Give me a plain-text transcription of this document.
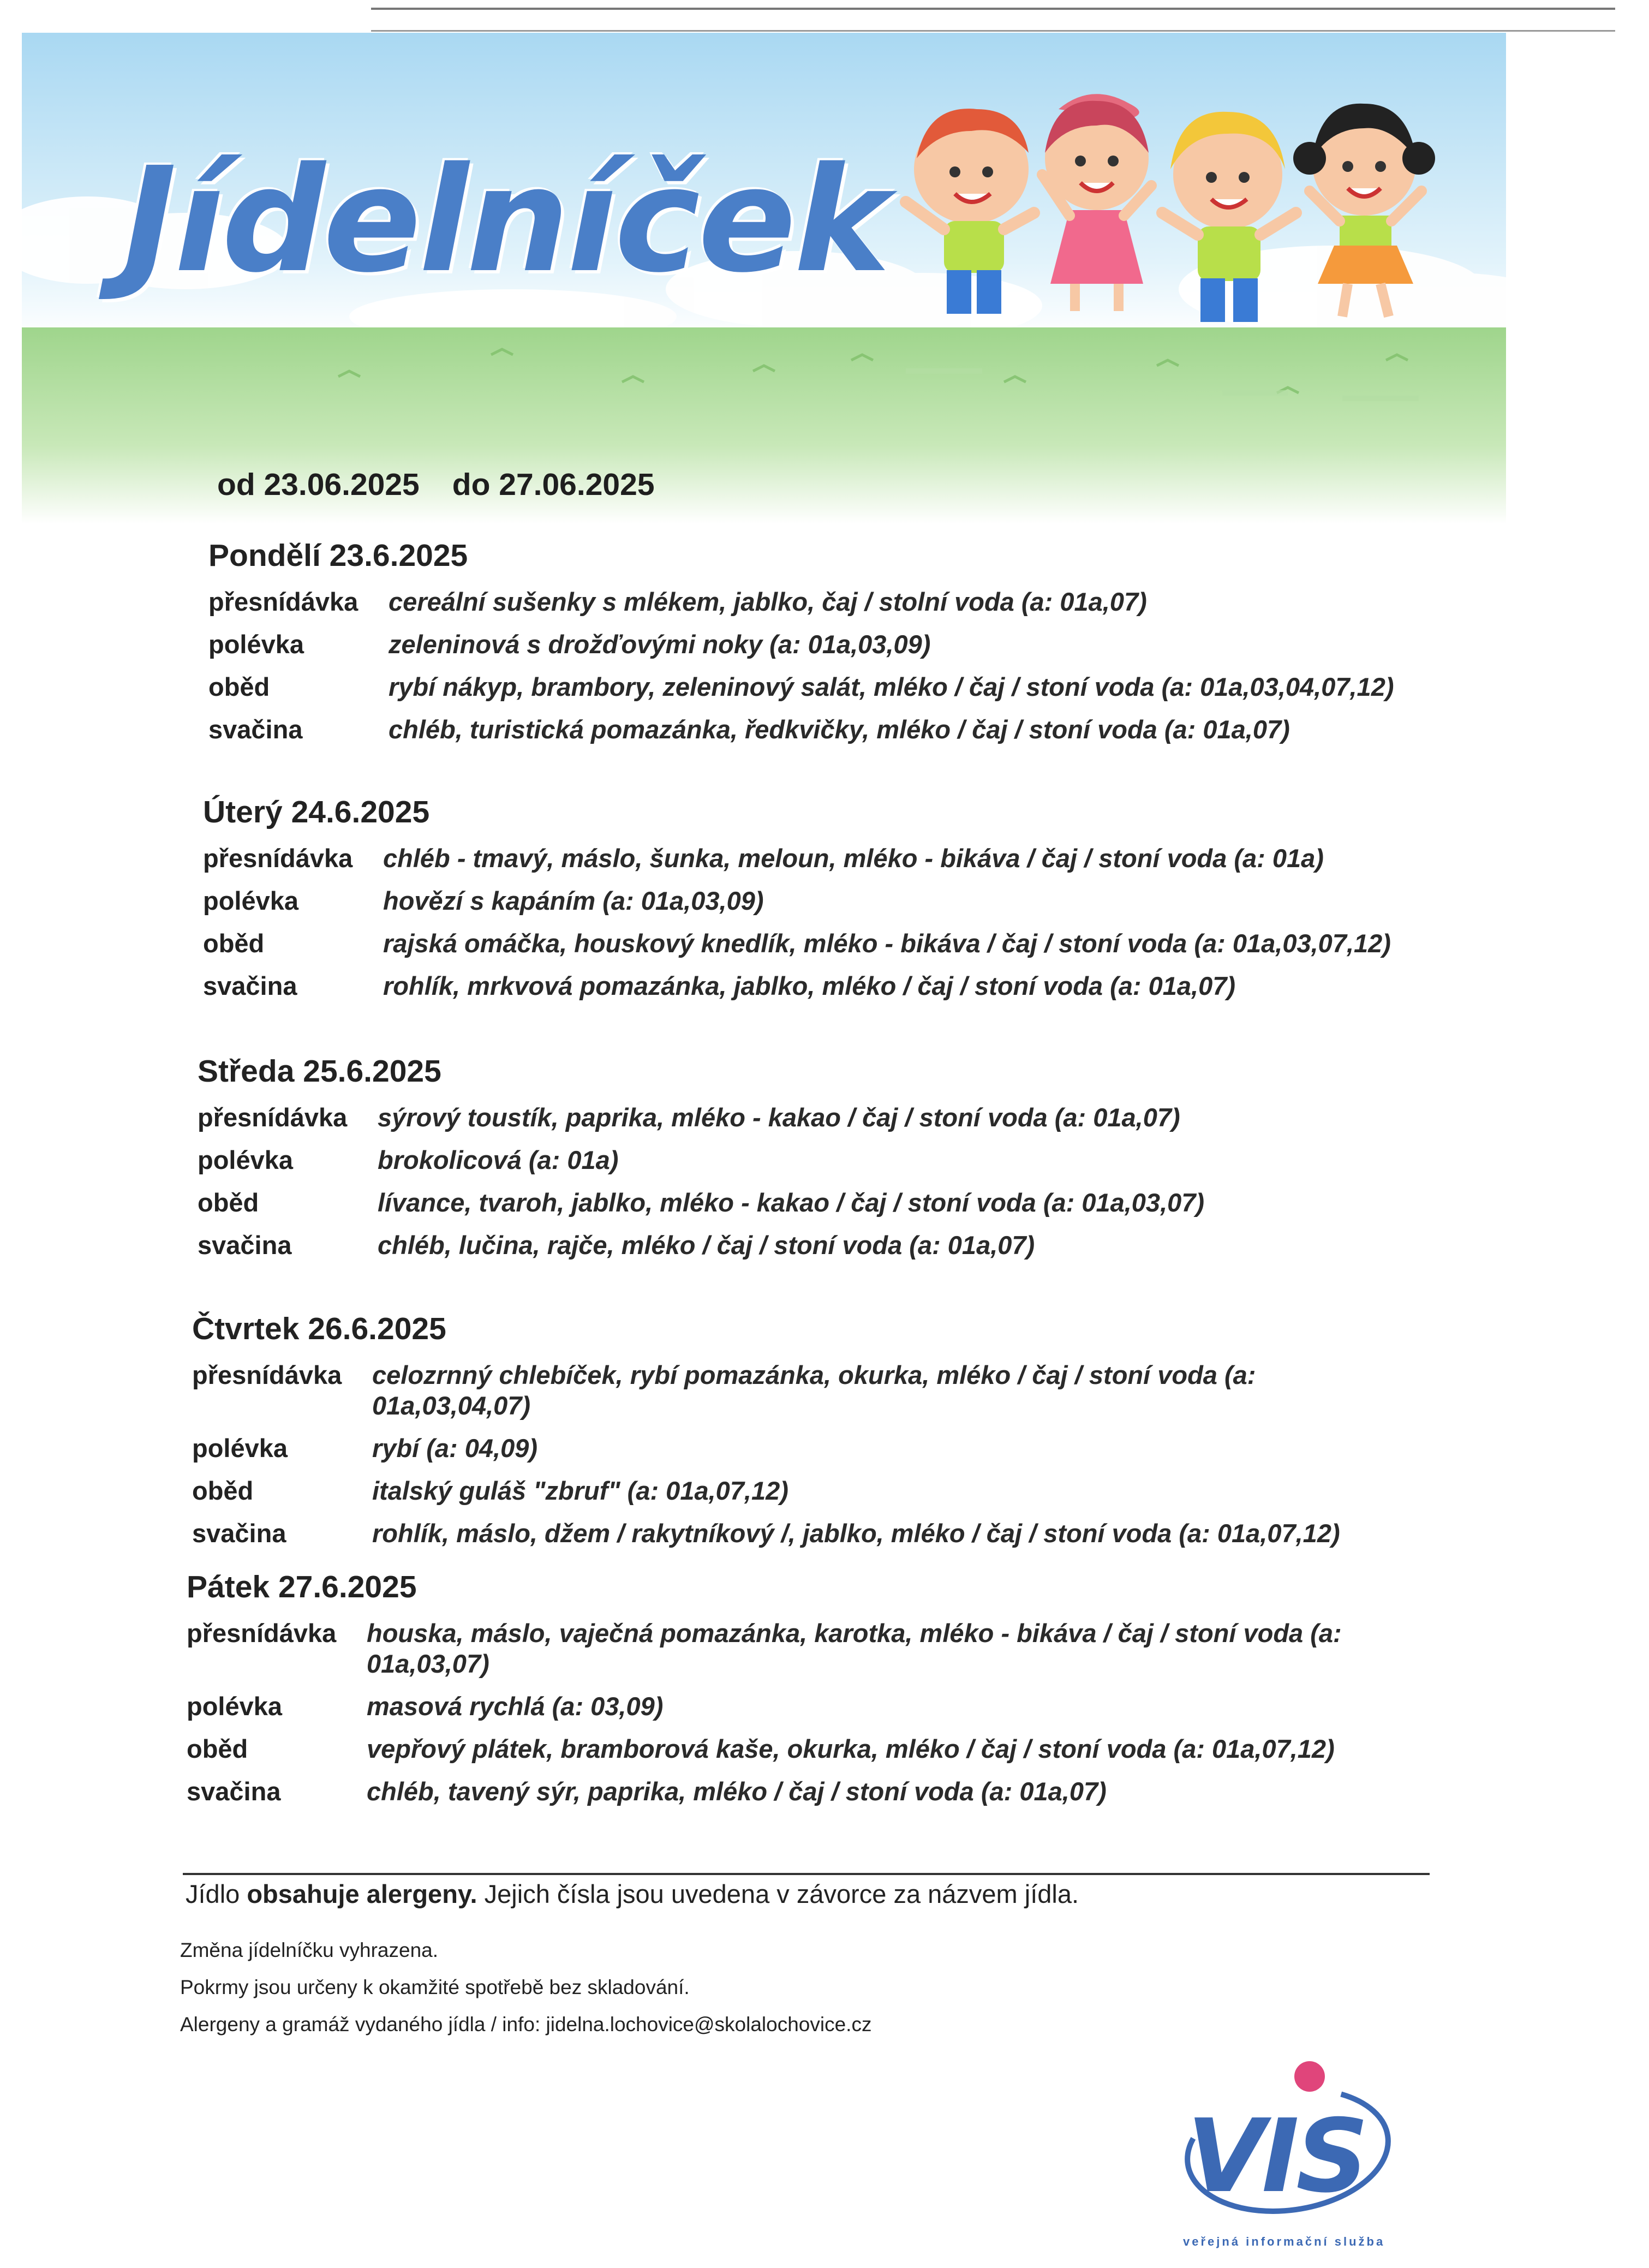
Jídelníček
od 23.06.2025 do 27.06.2025
Pondělí 23.6.2025
přesnídávka	cereální sušenky s mlékem, jablko, čaj / stolní voda (a: 01a,07)
polévka	zeleninová s drožďovými noky (a: 01a,03,09)
oběd	rybí nákyp, brambory, zeleninový salát, mléko / čaj / stoní voda (a: 01a,03,04,07,12)
svačina	chléb, turistická pomazánka, ředkvičky, mléko / čaj / stoní voda (a: 01a,07)
Úterý 24.6.2025
přesnídávka	chléb - tmavý, máslo, šunka, meloun, mléko - bikáva / čaj / stoní voda (a: 01a)
polévka	hovězí s kapáním (a: 01a,03,09)
oběd	rajská omáčka, houskový knedlík, mléko - bikáva / čaj / stoní voda (a: 01a,03,07,12)
svačina	rohlík, mrkvová pomazánka, jablko, mléko / čaj / stoní voda (a: 01a,07)
Středa 25.6.2025
přesnídávka	sýrový toustík, paprika, mléko - kakao / čaj / stoní voda (a: 01a,07)
polévka	brokolicová (a: 01a)
oběd	lívance, tvaroh, jablko, mléko - kakao / čaj / stoní voda (a: 01a,03,07)
svačina	chléb, lučina, rajče, mléko / čaj / stoní voda (a: 01a,07)
Čtvrtek 26.6.2025
přesnídávka	celozrnný chlebíček, rybí pomazánka, okurka, mléko / čaj / stoní voda (a: 01a,03,04,07)
polévka	rybí (a: 04,09)
oběd	italský guláš "zbruf" (a: 01a,07,12)
svačina	rohlík, máslo, džem / rakytníkový /, jablko, mléko / čaj / stoní voda (a: 01a,07,12)
Pátek 27.6.2025
přesnídávka	houska, máslo, vaječná pomazánka, karotka, mléko - bikáva / čaj / stoní voda (a: 01a,03,07)
polévka	masová rychlá (a: 03,09)
oběd	vepřový plátek, bramborová kaše, okurka, mléko / čaj / stoní voda (a: 01a,07,12)
svačina	chléb, tavený sýr, paprika, mléko / čaj / stoní voda (a: 01a,07)
Jídlo obsahuje alergeny. Jejich čísla jsou uvedena v závorce za názvem jídla.
Změna jídelníčku vyhrazena.
Pokrmy jsou určeny k okamžité spotřebě bez skladování.
Alergeny a gramáž vydaného jídla / info: jidelna.lochovice@skolalochovice.cz
VIS
veřejná informační služba
